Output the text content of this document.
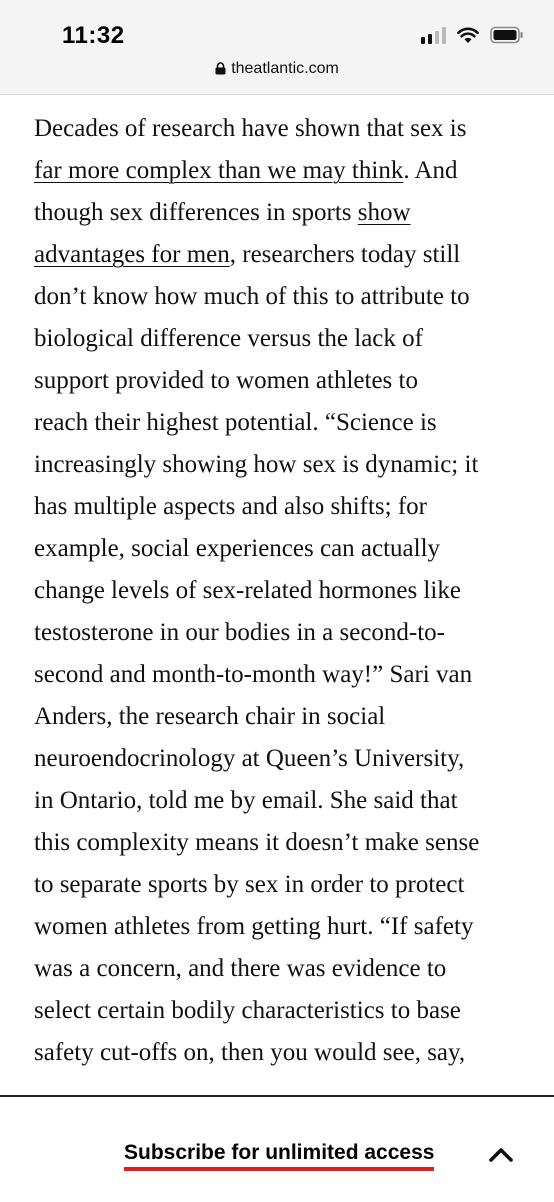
11:32
theatlantic.com
Decades of research have shown that sex is
far more complex than we may think. And
though sex differences in sports show
advantages for men, researchers today still
don’t know how much of this to attribute to
biological difference versus the lack of
support provided to women athletes to
reach their highest potential. “Science is
increasingly showing how sex is dynamic; it
has multiple aspects and also shifts; for
example, social experiences can actually
change levels of sex-related hormones like
testosterone in our bodies in a second-to-
second and month-to-month way!” Sari van
Anders, the research chair in social
neuroendocrinology at Queen’s University,
in Ontario, told me by email. She said that
this complexity means it doesn’t make sense
to separate sports by sex in order to protect
women athletes from getting hurt. “If safety
was a concern, and there was evidence to
select certain bodily characteristics to base
safety cut-offs on, then you would see, say,
Subscribe for unlimited access
